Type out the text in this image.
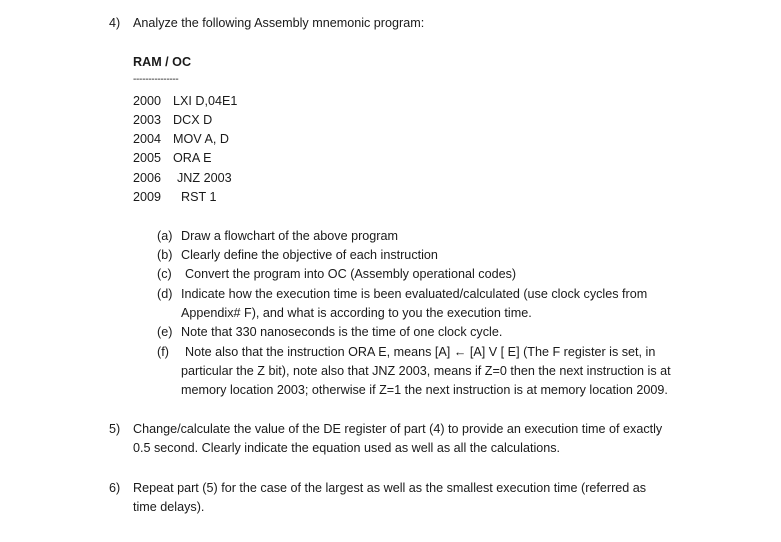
4) Analyze the following Assembly mnemonic program:
RAM / OC
---------------
2000 LXI D,04E1
2003 DCX D
2004 MOV A, D
2005 ORA E
2006 JNZ 2003
2009 RST 1
(a) Draw a flowchart of the above program
(b) Clearly define the objective of each instruction
(c) Convert the program into OC (Assembly operational codes)
(d) Indicate how the execution time is been evaluated/calculated (use clock cycles from
Appendix# F), and what is according to you the execution time.
(e) Note that 330 nanoseconds is the time of one clock cycle.
(f) Note also that the instruction ORA E, means [A] ← [A] V [ E] (The F register is set, in
particular the Z bit), note also that JNZ 2003, means if Z=0 then the next instruction is at
memory location 2003; otherwise if Z=1 the next instruction is at memory location 2009.
5) Change/calculate the value of the DE register of part (4) to provide an execution time of exactly
0.5 second. Clearly indicate the equation used as well as all the calculations.
6) Repeat part (5) for the case of the largest as well as the smallest execution time (referred as
time delays).
